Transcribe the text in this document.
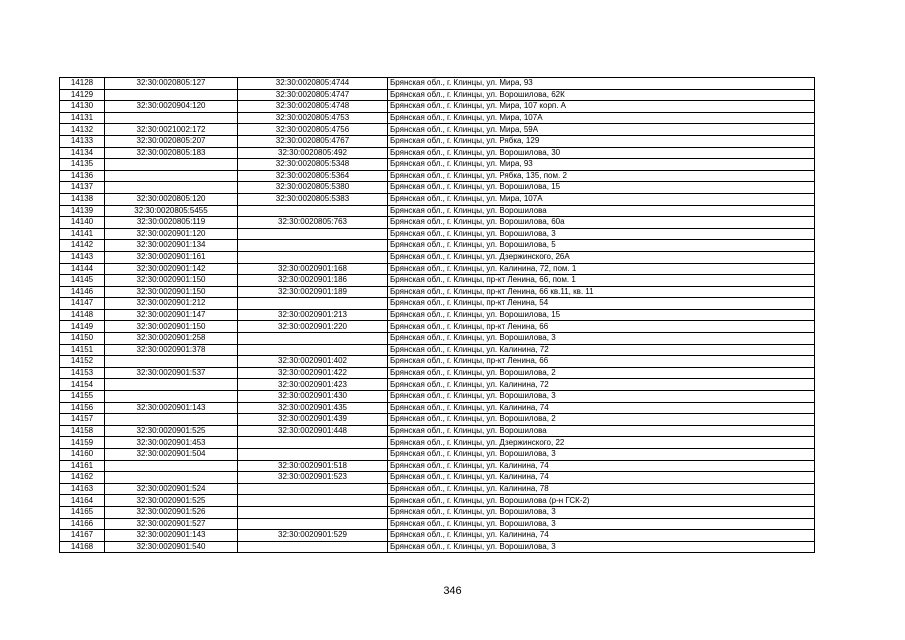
14128	32:30:0020805:127	32:30:0020805:4744	Брянская обл., г. Клинцы, ул. Мира, 93
14129		32:30:0020805:4747	Брянская обл., г. Клинцы, ул. Ворошилова, 62К
14130	32:30:0020904:120	32:30:0020805:4748	Брянская обл., г. Клинцы, ул. Мира, 107 корп. А
14131		32:30:0020805:4753	Брянская обл., г. Клинцы, ул. Мира, 107А
14132	32:30:0021002:172	32:30:0020805:4756	Брянская обл., г. Клинцы, ул. Мира, 59А
14133	32:30:0020805:207	32:30:0020805:4767	Брянская обл., г. Клинцы, ул. Рябка, 129
14134	32:30:0020805:183	32:30:0020805:492	Брянская обл., г. Клинцы, ул. Ворошилова, 30
14135		32:30:0020805:5348	Брянская обл., г. Клинцы, ул. Мира, 93
14136		32:30:0020805:5364	Брянская обл., г. Клинцы, ул. Рябка, 135, пом. 2
14137		32:30:0020805:5380	Брянская обл., г. Клинцы, ул. Ворошилова, 15
14138	32:30:0020805:120	32:30:0020805:5383	Брянская обл., г. Клинцы, ул. Мира, 107А
14139	32:30:0020805:5455		Брянская обл., г. Клинцы, ул. Ворошилова
14140	32:30:0020805:119	32:30:0020805:763	Брянская обл., г. Клинцы, ул. Ворошилова, 60а
14141	32:30:0020901:120		Брянская обл., г. Клинцы, ул. Ворошилова, 3
14142	32:30:0020901:134		Брянская обл., г. Клинцы, ул. Ворошилова, 5
14143	32:30:0020901:161		Брянская обл., г. Клинцы, ул. Дзержинского, 26А
14144	32:30:0020901:142	32:30:0020901:168	Брянская обл., г. Клинцы, ул. Калинина, 72, пом. 1
14145	32:30:0020901:150	32:30:0020901:186	Брянская обл., г. Клинцы, пр-кт Ленина, 66, пом. 1
14146	32:30:0020901:150	32:30:0020901:189	Брянская обл., г. Клинцы, пр-кт Ленина, 66 кв.11, кв. 11
14147	32:30:0020901:212		Брянская обл., г. Клинцы, пр-кт Ленина, 54
14148	32:30:0020901:147	32:30:0020901:213	Брянская обл., г. Клинцы, ул. Ворошилова, 15
14149	32:30:0020901:150	32:30:0020901:220	Брянская обл., г. Клинцы, пр-кт Ленина, 66
14150	32:30:0020901:258		Брянская обл., г. Клинцы, ул. Ворошилова, 3
14151	32:30:0020901:378		Брянская обл., г. Клинцы, ул. Калинина, 72
14152		32:30:0020901:402	Брянская обл., г. Клинцы, пр-кт Ленина, 66
14153	32:30:0020901:537	32:30:0020901:422	Брянская обл., г. Клинцы, ул. Ворошилова, 2
14154		32:30:0020901:423	Брянская обл., г. Клинцы, ул. Калинина, 72
14155		32:30:0020901:430	Брянская обл., г. Клинцы, ул. Ворошилова, 3
14156	32:30:0020901:143	32:30:0020901:435	Брянская обл., г. Клинцы, ул. Калинина, 74
14157		32:30:0020901:439	Брянская обл., г. Клинцы, ул. Ворошилова, 2
14158	32:30:0020901:525	32:30:0020901:448	Брянская обл., г. Клинцы, ул. Ворошилова
14159	32:30:0020901:453		Брянская обл., г. Клинцы, ул. Дзержинского, 22
14160	32:30:0020901:504		Брянская обл., г. Клинцы, ул. Ворошилова, 3
14161		32:30:0020901:518	Брянская обл., г. Клинцы, ул. Калинина, 74
14162		32:30:0020901:523	Брянская обл., г. Клинцы, ул. Калинина, 74
14163	32:30:0020901:524		Брянская обл., г. Клинцы, ул. Калинина, 78
14164	32:30:0020901:525		Брянская обл., г. Клинцы, ул. Ворошилова (р-н ГСК-2)
14165	32:30:0020901:526		Брянская обл., г. Клинцы, ул. Ворошилова, 3
14166	32:30:0020901:527		Брянская обл., г. Клинцы, ул. Ворошилова, 3
14167	32:30:0020901:143	32:30:0020901:529	Брянская обл., г. Клинцы, ул. Калинина, 74
14168	32:30:0020901:540		Брянская обл., г. Клинцы, ул. Ворошилова, 3
346
